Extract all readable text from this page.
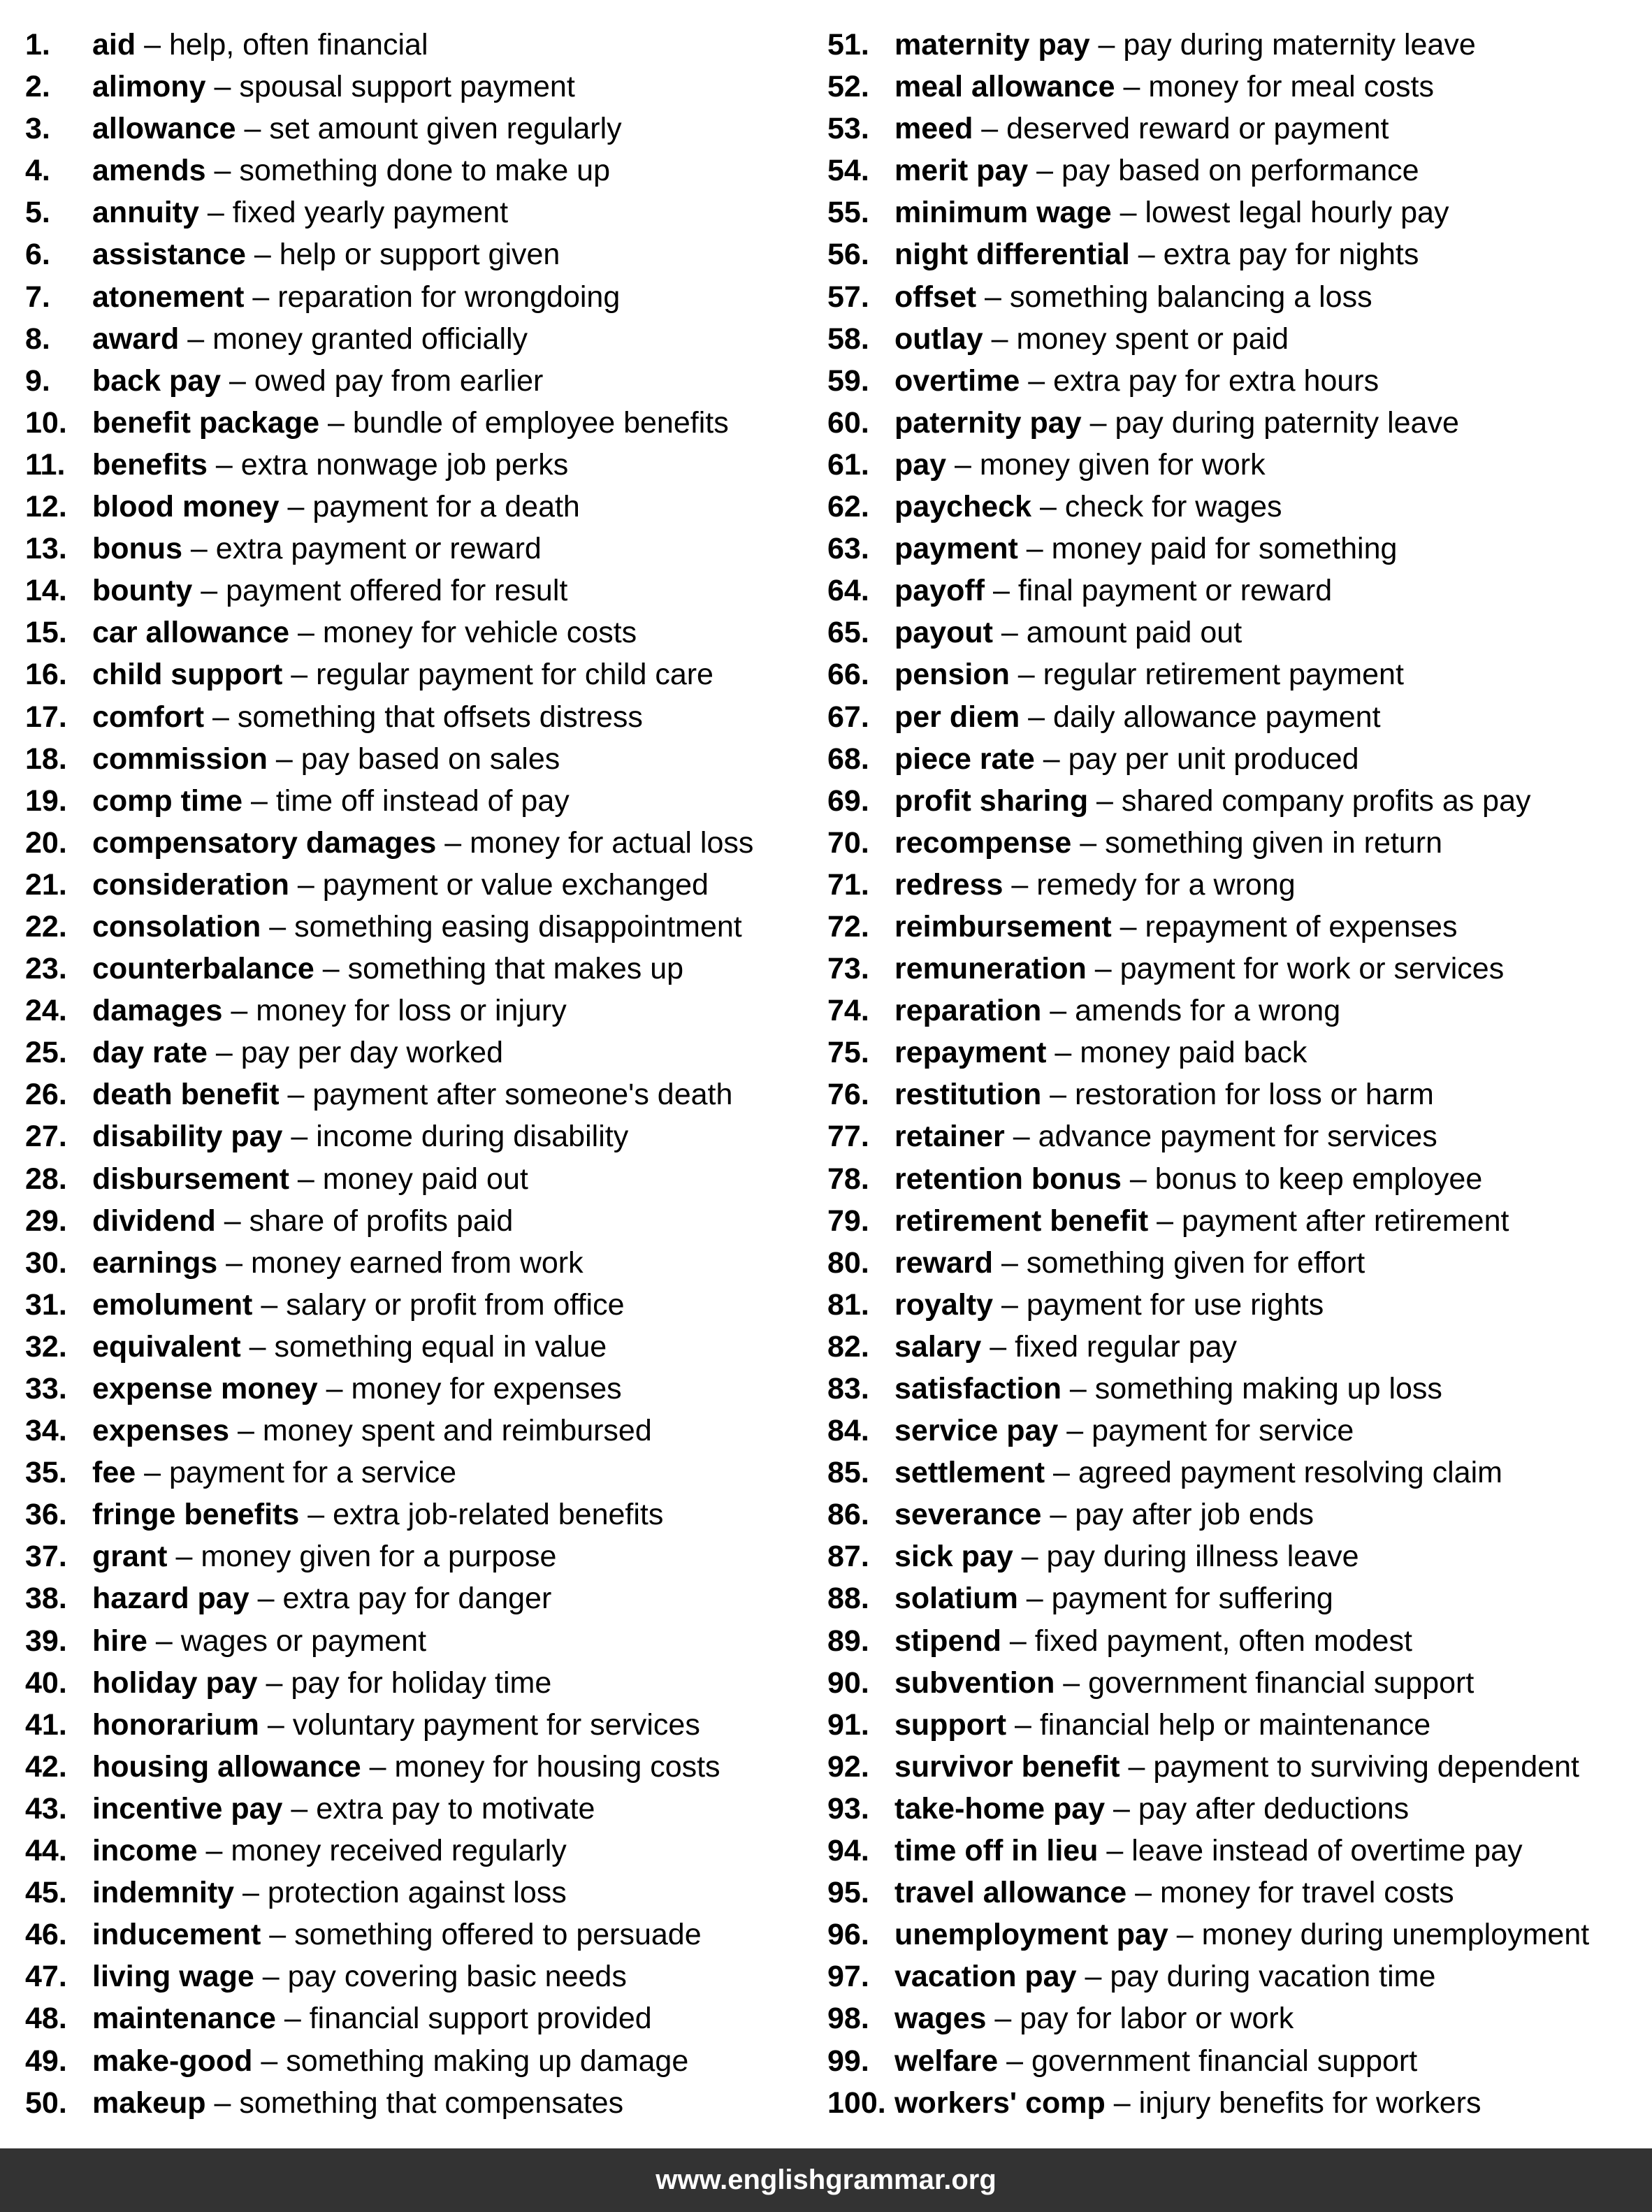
1. aid – help, often financial
2. alimony – spousal support payment
3. allowance – set amount given regularly
4. amends – something done to make up
5. annuity – fixed yearly payment
6. assistance – help or support given
7. atonement – reparation for wrongdoing
8. award – money granted officially
9. back pay – owed pay from earlier
10. benefit package – bundle of employee benefits
11. benefits – extra nonwage job perks
12. blood money – payment for a death
13. bonus – extra payment or reward
14. bounty – payment offered for result
15. car allowance – money for vehicle costs
16. child support – regular payment for child care
17. comfort – something that offsets distress
18. commission – pay based on sales
19. comp time – time off instead of pay
20. compensatory damages – money for actual loss
21. consideration – payment or value exchanged
22. consolation – something easing disappointment
23. counterbalance – something that makes up
24. damages – money for loss or injury
25. day rate – pay per day worked
26. death benefit – payment after someone's death
27. disability pay – income during disability
28. disbursement – money paid out
29. dividend – share of profits paid
30. earnings – money earned from work
31. emolument – salary or profit from office
32. equivalent – something equal in value
33. expense money – money for expenses
34. expenses – money spent and reimbursed
35. fee – payment for a service
36. fringe benefits – extra job-related benefits
37. grant – money given for a purpose
38. hazard pay – extra pay for danger
39. hire – wages or payment
40. holiday pay – pay for holiday time
41. honorarium – voluntary payment for services
42. housing allowance – money for housing costs
43. incentive pay – extra pay to motivate
44. income – money received regularly
45. indemnity – protection against loss
46. inducement – something offered to persuade
47. living wage – pay covering basic needs
48. maintenance – financial support provided
49. make-good – something making up damage
50. makeup – something that compensates
51. maternity pay – pay during maternity leave
52. meal allowance – money for meal costs
53. meed – deserved reward or payment
54. merit pay – pay based on performance
55. minimum wage – lowest legal hourly pay
56. night differential – extra pay for nights
57. offset – something balancing a loss
58. outlay – money spent or paid
59. overtime – extra pay for extra hours
60. paternity pay – pay during paternity leave
61. pay – money given for work
62. paycheck – check for wages
63. payment – money paid for something
64. payoff – final payment or reward
65. payout – amount paid out
66. pension – regular retirement payment
67. per diem – daily allowance payment
68. piece rate – pay per unit produced
69. profit sharing – shared company profits as pay
70. recompense – something given in return
71. redress – remedy for a wrong
72. reimbursement – repayment of expenses
73. remuneration – payment for work or services
74. reparation – amends for a wrong
75. repayment – money paid back
76. restitution – restoration for loss or harm
77. retainer – advance payment for services
78. retention bonus – bonus to keep employee
79. retirement benefit – payment after retirement
80. reward – something given for effort
81. royalty – payment for use rights
82. salary – fixed regular pay
83. satisfaction – something making up loss
84. service pay – payment for service
85. settlement – agreed payment resolving claim
86. severance – pay after job ends
87. sick pay – pay during illness leave
88. solatium – payment for suffering
89. stipend – fixed payment, often modest
90. subvention – government financial support
91. support – financial help or maintenance
92. survivor benefit – payment to surviving dependent
93. take-home pay – pay after deductions
94. time off in lieu – leave instead of overtime pay
95. travel allowance – money for travel costs
96. unemployment pay – money during unemployment
97. vacation pay – pay during vacation time
98. wages – pay for labor or work
99. welfare – government financial support
100. workers' comp – injury benefits for workers
www.englishgrammar.org
